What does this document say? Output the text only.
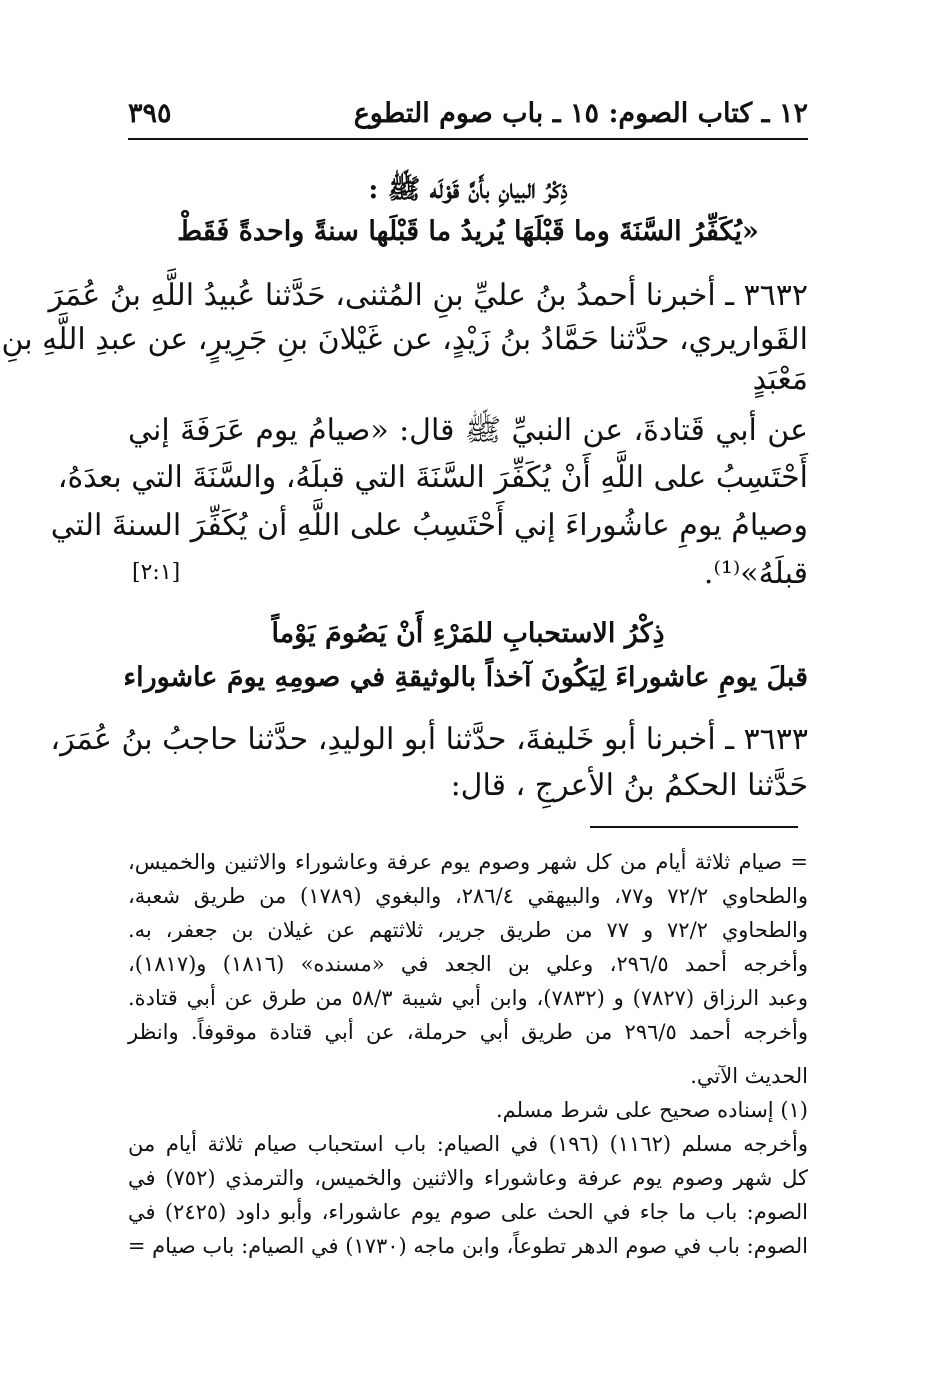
١٢ ـ كتاب الصوم: ١٥ ـ باب صوم التطوع
٣٩٥
ذِكْرُ البيانِ بأَنَّ قَوْلَه ﷺ :
«يُكَفِّرُ السَّنَةَ وما قَبْلَهَا يُريدُ ما قَبْلَها سنةً واحدةً فَقَطْ
٣٦٣٢ ـ أخبرنا أحمدُ بنُ عليِّ بنِ المُثنى، حَدَّثنا عُبيدُ اللَّهِ بنُ عُمَرَ
القَواريري، حدَّثنا حَمَّادُ بنُ زَيْدٍ، عن غَيْلانَ بنِ جَرِيرٍ، عن عبدِ اللَّهِ بنِ
مَعْبَدٍ
عن أبي قَتادةَ، عن النبيِّ ﷺ قال: «صيامُ يوم عَرَفَةَ إني
أَحْتَسِبُ على اللَّهِ أَنْ يُكَفِّرَ السَّنَةَ التي قبلَهُ، والسَّنَةَ التي بعدَهُ،
وصيامُ يومِ عاشُوراءَ إني أَحْتَسِبُ على اللَّهِ أن يُكَفِّرَ السنةَ التي
قبلَهُ»⁽¹⁾.
[٢:١]
ذِكْرُ الاستحبابِ للمَرْءِ أَنْ يَصُومَ يَوْماً
قبلَ يومِ عاشوراءَ لِيَكُونَ آخذاً بالوثيقةِ في صومِهِ يومَ عاشوراء
٣٦٣٣ ـ أخبرنا أبو خَليفةَ، حدَّثنا أبو الوليدِ، حدَّثنا حاجبُ بنُ عُمَرَ،
حَدَّثنا الحكمُ بنُ الأعرجِ ، قال:
= صيام ثلاثة أيام من كل شهر وصوم يوم عرفة وعاشوراء والاثنين والخميس،
والطحاوي ٧٢/٢ و٧٧، والبيهقي ٢٨٦/٤، والبغوي (١٧٨٩) من طريق شعبة،
والطحاوي ٧٢/٢ و ٧٧ من طريق جرير، ثلاثتهم عن غيلان بن جعفر، به.
وأخرجه أحمد ٢٩٦/٥، وعلي بن الجعد في «مسنده» (١٨١٦) و(١٨١٧)،
وعبد الرزاق (٧٨٢٧) و (٧٨٣٢)، وابن أبي شيبة ٥٨/٣ من طرق عن أبي قتادة.
وأخرجه أحمد ٢٩٦/٥ من طريق أبي حرملة، عن أبي قتادة موقوفاً. وانظر
الحديث الآتي.
(١) إسناده صحيح على شرط مسلم.
وأخرجه مسلم (١١٦٢) (١٩٦) في الصيام: باب استحباب صيام ثلاثة أيام من
كل شهر وصوم يوم عرفة وعاشوراء والاثنين والخميس، والترمذي (٧٥٢) في
الصوم: باب ما جاء في الحث على صوم يوم عاشوراء، وأبو داود (٢٤٢٥) في
الصوم: باب في صوم الدهر تطوعاً، وابن ماجه (١٧٣٠) في الصيام: باب صيام =
